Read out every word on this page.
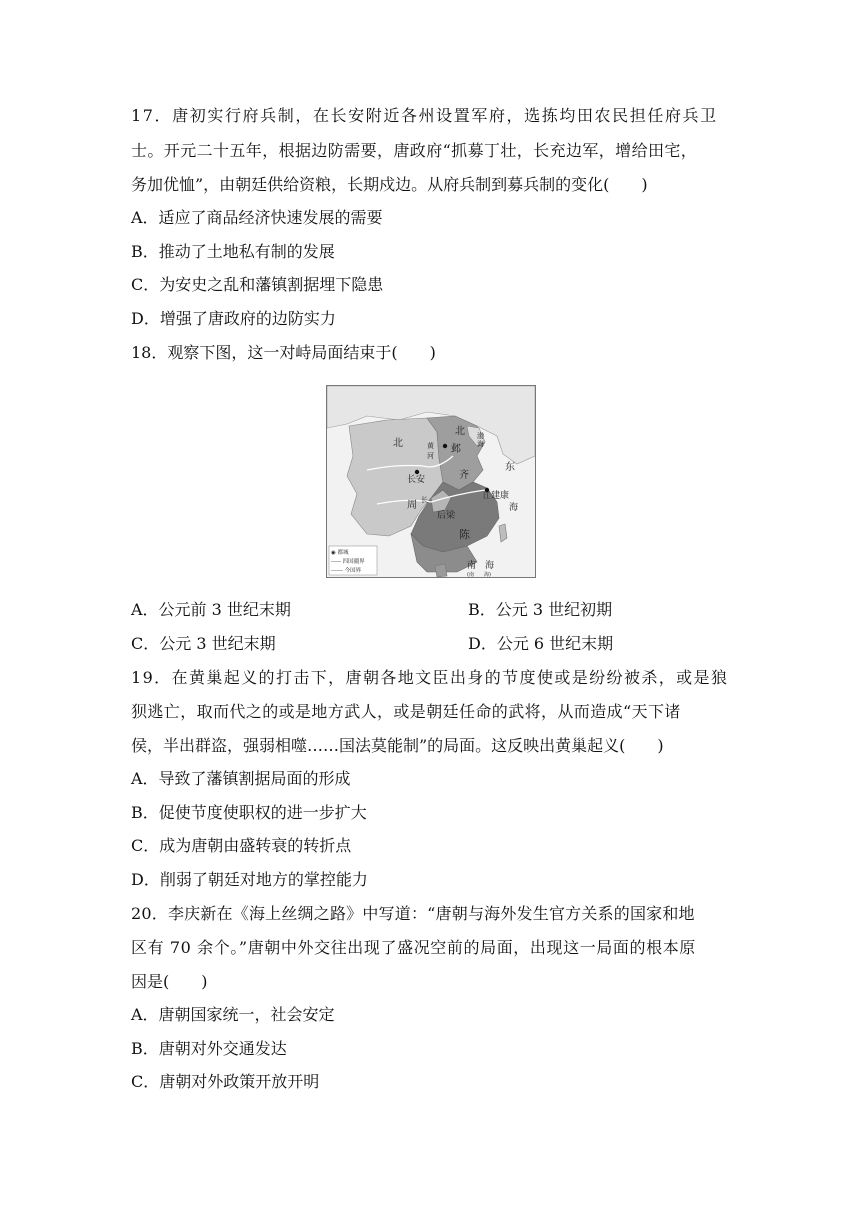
17．唐初实行府兵制，在长安附近各州设置军府，选拣均田农民担任府兵卫
士。开元二十五年，根据边防需要，唐政府“抓募丁壮，长充边军，增给田宅，
务加优恤”，由朝廷供给资粮，长期戍边。从府兵制到募兵制的变化(　　)
A．适应了商品经济快速发展的需要
B．推动了土地私有制的发展
C．为安史之乱和藩镇割据埋下隐患
D．增强了唐政府的边防实力
18．观察下图，这一对峙局面结束于(　　)
北
北
黄
河
邺
渤
海
长安	齐
东
周 长	江 建康
后梁
海
陈
南 海
(南　　海)
◉ 都城
----- 四国疆界
------ 今国界
A．公元前 3 世纪末期	B．公元 3 世纪初期
C．公元 3 世纪末期	D．公元 6 世纪末期
19．在黄巢起义的打击下，唐朝各地文臣出身的节度使或是纷纷被杀，或是狼
狈逃亡，取而代之的或是地方武人，或是朝廷任命的武将，从而造成“天下诸
侯，半出群盗，强弱相噬……国法莫能制”的局面。这反映出黄巢起义(　　)
A．导致了藩镇割据局面的形成
B．促使节度使职权的进一步扩大
C．成为唐朝由盛转衰的转折点
D．削弱了朝廷对地方的掌控能力
20．李庆新在《海上丝绸之路》中写道：“唐朝与海外发生官方关系的国家和地
区有 70 余个。”唐朝中外交往出现了盛况空前的局面，出现这一局面的根本原
因是(　　)
A．唐朝国家统一，社会安定
B．唐朝对外交通发达
C．唐朝对外政策开放开明
